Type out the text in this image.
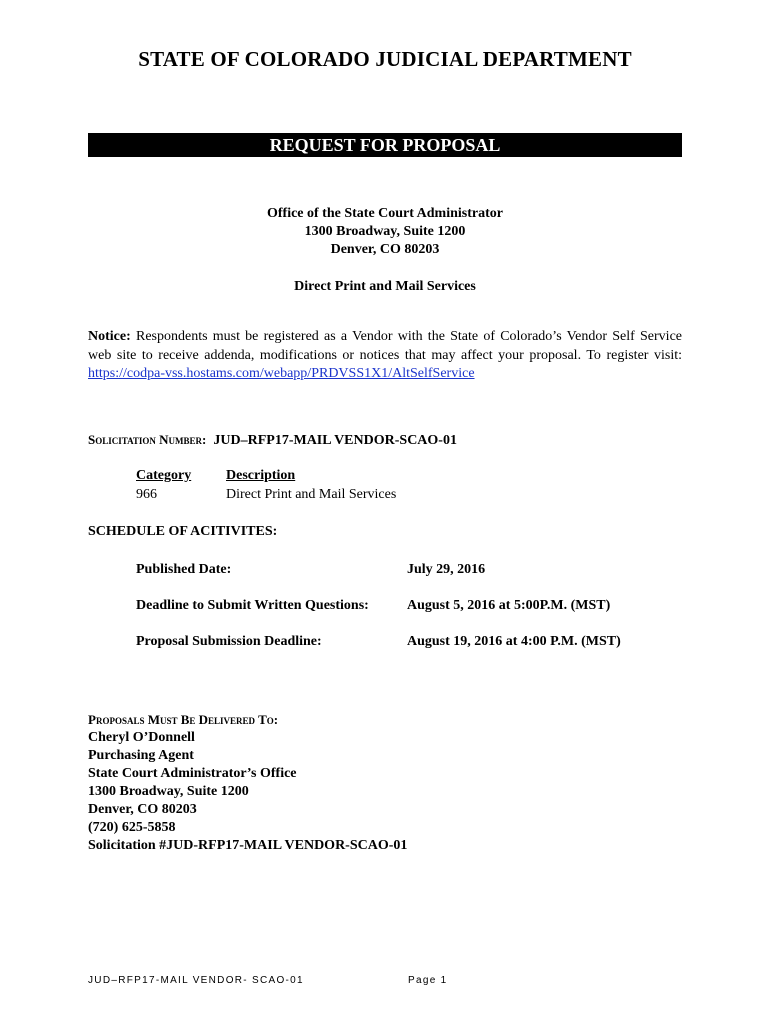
STATE OF COLORADO JUDICIAL DEPARTMENT
REQUEST FOR PROPOSAL
Office of the State Court Administrator
1300 Broadway, Suite 1200
Denver, CO 80203
Direct Print and Mail Services
Notice: Respondents must be registered as a Vendor with the State of Colorado’s Vendor Self Service web site to receive addenda, modifications or notices that may affect your proposal. To register visit: https://codpa-vss.hostams.com/webapp/PRDVSS1X1/AltSelfService
Solicitation Number: JUD–RFP17-MAIL VENDOR-SCAO-01
Category Description
966	Direct Print and Mail Services
SCHEDULE OF ACITIVITES:
Published Date:	July 29, 2016
Deadline to Submit Written Questions:	August 5, 2016 at 5:00P.M. (MST)
Proposal Submission Deadline:	August 19, 2016 at 4:00 P.M. (MST)
Proposals Must Be Delivered To:
Cheryl O’Donnell
Purchasing Agent
State Court Administrator’s Office
1300 Broadway, Suite 1200
Denver, CO 80203
(720) 625-5858
Solicitation #JUD-RFP17-MAIL VENDOR-SCAO-01
JUD–RFP17-MAIL VENDOR- SCAO-01	Page 1
